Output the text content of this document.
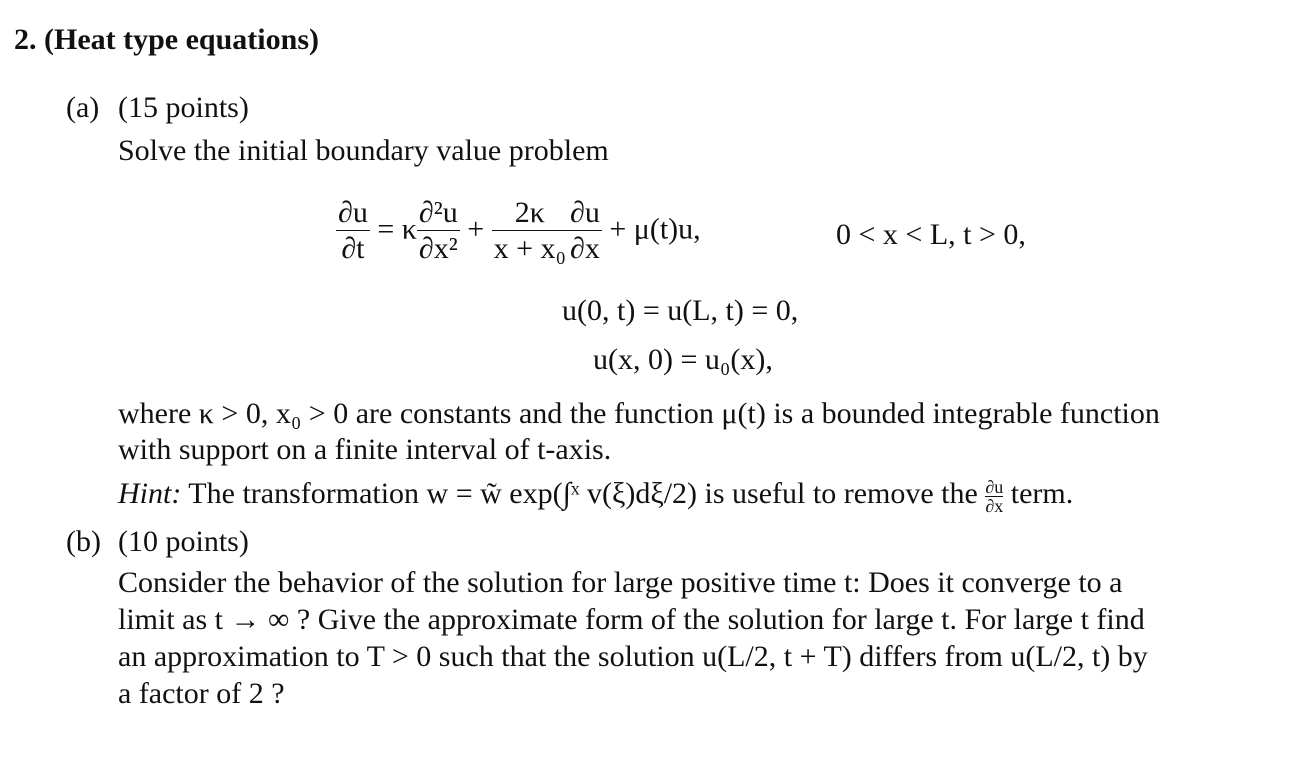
2. (Heat type equations)
(a) (15 points)
Solve the initial boundary value problem
$\frac{\partial u}{\partial t} = \kappa \frac{\text{∂²u}}{\text{∂x²}} + \frac{2\kappa}{\text{x + x₀}} \frac{\partial u}{\partial x} + \mu(t)u$,	0 < x < L, t > 0,
u(0, t) = u(L, t) = 0,
u(x, 0) = u₀(x),
where κ > 0, x₀ > 0 are constants and the function μ(t) is a bounded integrable function
with support on a finite interval of t-axis.
Hint: The transformation w = w̃ exp(∫ˣ v(ξ)dξ/2) is useful to remove the $\frac{\partial u}{\partial x}$ term.
(b) (10 points)
Consider the behavior of the solution for large positive time t: Does it converge to a
limit as t → ∞ ? Give the approximate form of the solution for large t. For large t find
an approximation to T > 0 such that the solution u(L/2, t + T) differs from u(L/2, t) by
a factor of 2 ?
